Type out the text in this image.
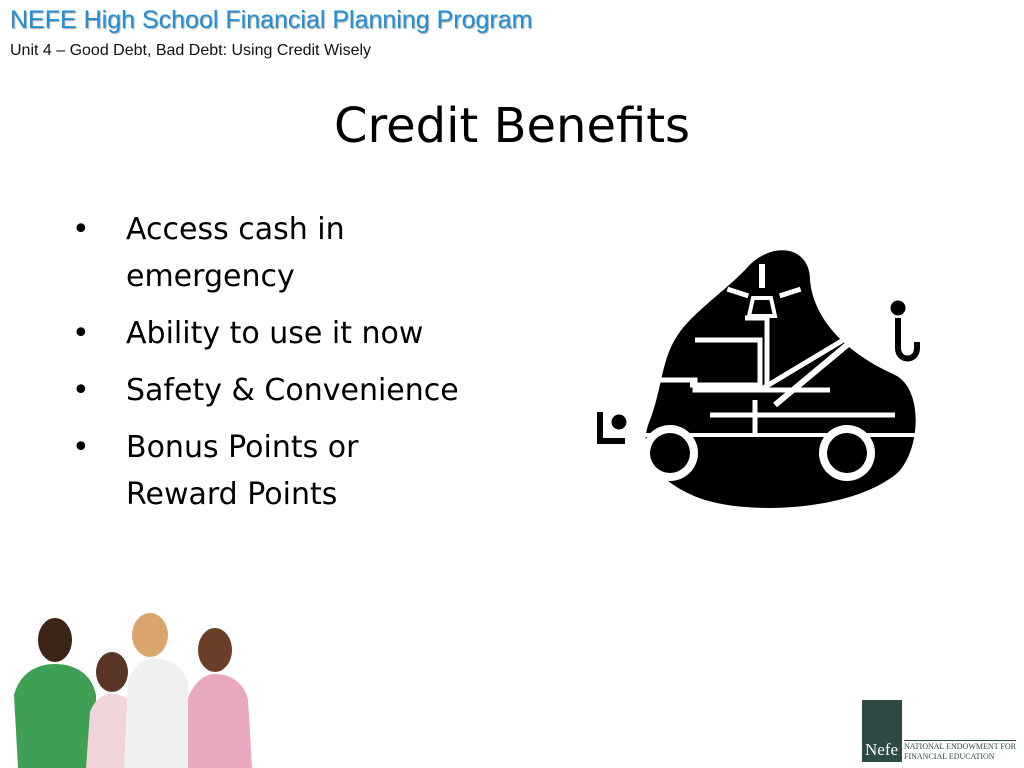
NEFE High School Financial Planning Program
Unit 4 – Good Debt, Bad Debt: Using Credit Wisely
Credit Benefits
• Access cash in
emergency
• Ability to use it now
• Safety & Convenience
• Bonus Points or
Reward Points
Nefe NATIONAL ENDOWMENT FOR
FINANCIAL EDUCATION
